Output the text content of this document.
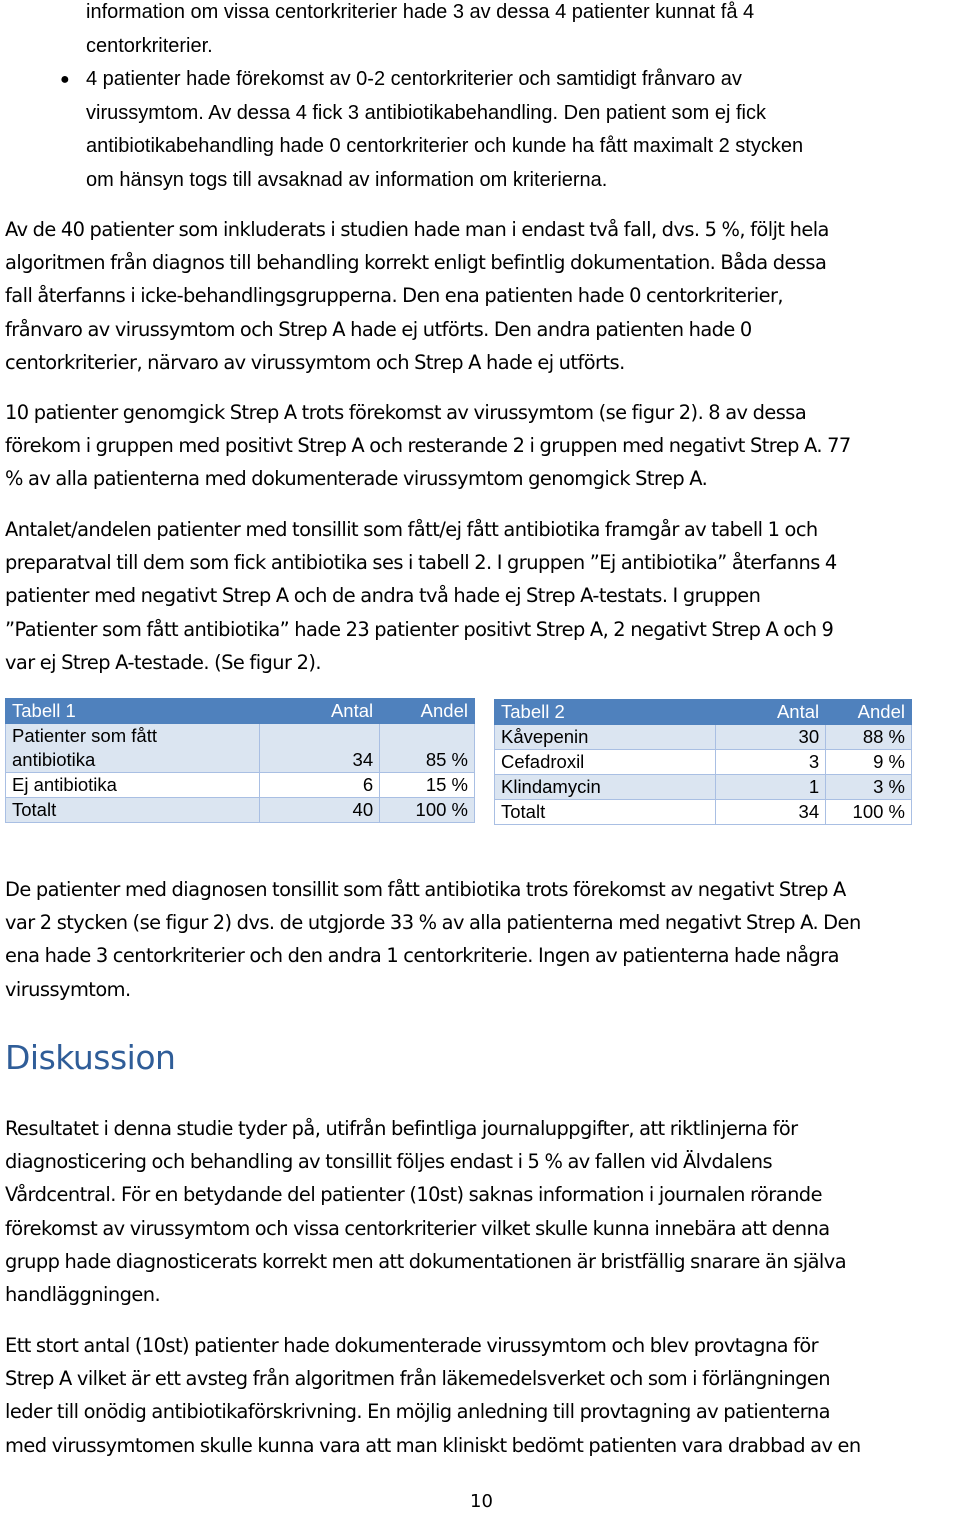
information om vissa centorkriterier hade 3 av dessa 4 patienter kunnat få 4
centorkriterier.
● 4 patienter hade förekomst av 0-2 centorkriterier och samtidigt frånvaro av
virussymtom. Av dessa 4 fick 3 antibiotikabehandling. Den patient som ej fick
antibiotikabehandling hade 0 centorkriterier och kunde ha fått maximalt 2 stycken
om hänsyn togs till avsaknad av information om kriterierna.
Av de 40 patienter som inkluderats i studien hade man i endast två fall, dvs. 5 %, följt hela
algoritmen från diagnos till behandling korrekt enligt befintlig dokumentation. Båda dessa
fall återfanns i icke-behandlingsgrupperna. Den ena patienten hade 0 centorkriterier,
frånvaro av virussymtom och Strep A hade ej utförts. Den andra patienten hade 0
centorkriterier, närvaro av virussymtom och Strep A hade ej utförts.
10 patienter genomgick Strep A trots förekomst av virussymtom (se figur 2). 8 av dessa
förekom i gruppen med positivt Strep A och resterande 2 i gruppen med negativt Strep A. 77
% av alla patienterna med dokumenterade virussymtom genomgick Strep A.
Antalet/andelen patienter med tonsillit som fått/ej fått antibiotika framgår av tabell 1 och
preparatval till dem som fick antibiotika ses i tabell 2. I gruppen ”Ej antibiotika” återfanns 4
patienter med negativt Strep A och de andra två hade ej Strep A-testats. I gruppen
”Patienter som fått antibiotika” hade 23 patienter positivt Strep A, 2 negativt Strep A och 9
var ej Strep A-testade. (Se figur 2).
Tabell 1	Antal	Andel
Patienter som fått
antibiotika	34	85 %
Ej antibiotika	6	15 %
Totalt	40	100 %
Tabell 2	Antal	Andel
Kåvepenin	30	88 %
Cefadroxil	3	9 %
Klindamycin	1	3 %
Totalt	34	100 %
De patienter med diagnosen tonsillit som fått antibiotika trots förekomst av negativt Strep A
var 2 stycken (se figur 2) dvs. de utgjorde 33 % av alla patienterna med negativt Strep A. Den
ena hade 3 centorkriterier och den andra 1 centorkriterie. Ingen av patienterna hade några
virussymtom.
Diskussion
Resultatet i denna studie tyder på, utifrån befintliga journaluppgifter, att riktlinjerna för
diagnosticering och behandling av tonsillit följes endast i 5 % av fallen vid Älvdalens
Vårdcentral. För en betydande del patienter (10st) saknas information i journalen rörande
förekomst av virussymtom och vissa centorkriterier vilket skulle kunna innebära att denna
grupp hade diagnosticerats korrekt men att dokumentationen är bristfällig snarare än själva
handläggningen.
Ett stort antal (10st) patienter hade dokumenterade virussymtom och blev provtagna för
Strep A vilket är ett avsteg från algoritmen från läkemedelsverket och som i förlängningen
leder till onödig antibiotikaförskrivning. En möjlig anledning till provtagning av patienterna
med virussymtomen skulle kunna vara att man kliniskt bedömt patienten vara drabbad av en
10
